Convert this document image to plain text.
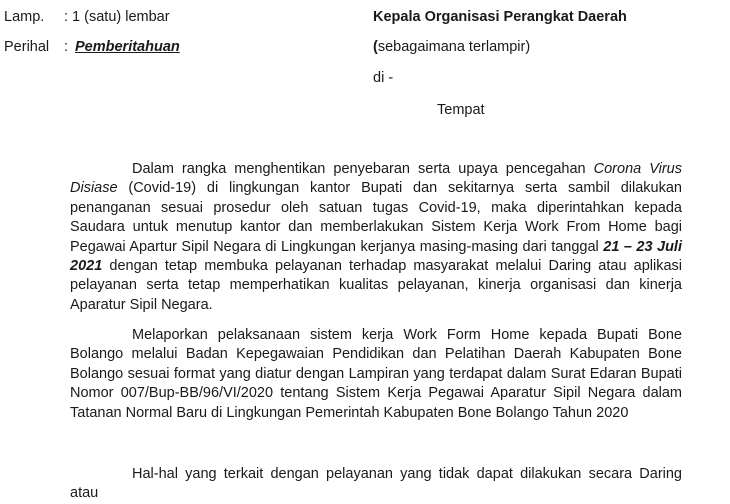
Lamp. : 1 (satu) lembar
Perihal : Pemberitahuan
Kepala Organisasi Perangkat Daerah
(sebagaimana terlampir)
di -
Tempat
Dalam rangka menghentikan penyebaran serta upaya pencegahan Corona Virus Disiase (Covid-19) di lingkungan kantor Bupati dan sekitarnya serta sambil dilakukan penanganan sesuai prosedur oleh satuan tugas Covid-19, maka diperintahkan kepada Saudara untuk menutup kantor dan memberlakukan Sistem Kerja Work From Home bagi Pegawai Apartur Sipil Negara di Lingkungan kerjanya masing-masing dari tanggal 21 – 23 Juli 2021 dengan tetap membuka pelayanan terhadap masyarakat melalui Daring atau aplikasi pelayanan serta tetap memperhatikan kualitas pelayanan, kinerja organisasi dan kinerja Aparatur Sipil Negara.
Melaporkan pelaksanaan sistem kerja Work Form Home kepada Bupati Bone Bolango melalui Badan Kepegawaian Pendidikan dan Pelatihan Daerah Kabupaten Bone Bolango sesuai format yang diatur dengan Lampiran yang terdapat dalam Surat Edaran Bupati Nomor 007/Bup-BB/96/VI/2020 tentang Sistem Kerja Pegawai Aparatur Sipil Negara dalam Tatanan Normal Baru di Lingkungan Pemerintah Kabupaten Bone Bolango Tahun 2020
Hal-hal yang terkait dengan pelayanan yang tidak dapat dilakukan secara Daring atau
